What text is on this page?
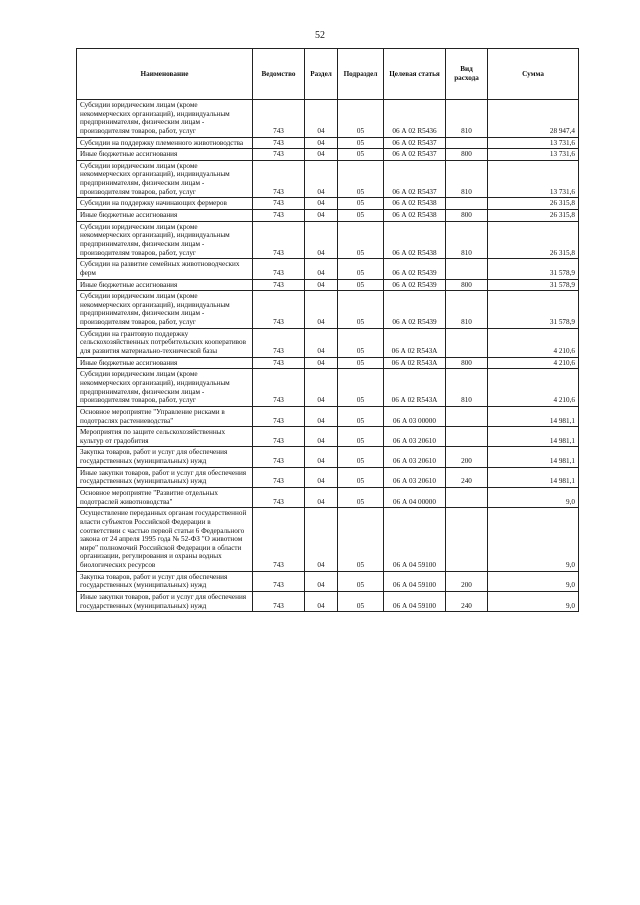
52
Наименование	Ведомство	Раздел	Подраздел	Целевая статья	Вид расхода	Сумма
Субсидии юридическим лицам (кроме некоммерческих организаций), индивидуальным предпринимателям, физическим лицам - производителям товаров, работ, услуг	743	04	05	06 А 02 R5436	810	28 947,4
Субсидии на поддержку племенного животноводства	743	04	05	06 А 02 R5437		13 731,6
Иные бюджетные ассигнования	743	04	05	06 А 02 R5437	800	13 731,6
Субсидии юридическим лицам (кроме некоммерческих организаций), индивидуальным предпринимателям, физическим лицам - производителям товаров, работ, услуг	743	04	05	06 А 02 R5437	810	13 731,6
Субсидии на поддержку начинающих фермеров	743	04	05	06 А 02 R5438		26 315,8
Иные бюджетные ассигнования	743	04	05	06 А 02 R5438	800	26 315,8
Субсидии юридическим лицам (кроме некоммерческих организаций), индивидуальным предпринимателям, физическим лицам - производителям товаров, работ, услуг	743	04	05	06 А 02 R5438	810	26 315,8
Субсидии на развитие семейных животноводческих ферм	743	04	05	06 А 02 R5439		31 578,9
Иные бюджетные ассигнования	743	04	05	06 А 02 R5439	800	31 578,9
Субсидии юридическим лицам (кроме некоммерческих организаций), индивидуальным предпринимателям, физическим лицам - производителям товаров, работ, услуг	743	04	05	06 А 02 R5439	810	31 578,9
Субсидии на грантовую поддержку сельскохозяйственных потребительских кооперативов для развития материально-технической базы	743	04	05	06 А 02 R543А		4 210,6
Иные бюджетные ассигнования	743	04	05	06 А 02 R543А	800	4 210,6
Субсидии юридическим лицам (кроме некоммерческих организаций), индивидуальным предпринимателям, физическим лицам - производителям товаров, работ, услуг	743	04	05	06 А 02 R543А	810	4 210,6
Основное мероприятие "Управление рисками в подотраслях растениеводства"	743	04	05	06 А 03 00000		14 981,1
Мероприятия по защите сельскохозяйственных культур от градобития	743	04	05	06 А 03 20610		14 981,1
Закупка товаров, работ и услуг для обеспечения государственных (муниципальных) нужд	743	04	05	06 А 03 20610	200	14 981,1
Иные закупки товаров, работ и услуг для обеспечения государственных (муниципальных) нужд	743	04	05	06 А 03 20610	240	14 981,1
Основное мероприятие "Развитие отдельных подотраслей животноводства"	743	04	05	06 А 04 00000		9,0
Осуществление переданных органам государственной власти субъектов Российской Федерации в соответствии с частью первой статьи 6 Федерального закона от 24 апреля 1995 года № 52-ФЗ "О животном мире" полномочий Российской Федерации в области организации, регулирования и охраны водных биологических ресурсов	743	04	05	06 А 04 59100		9,0
Закупка товаров, работ и услуг для обеспечения государственных (муниципальных) нужд	743	04	05	06 А 04 59100	200	9,0
Иные закупки товаров, работ и услуг для обеспечения государственных (муниципальных) нужд	743	04	05	06 А 04 59100	240	9,0
